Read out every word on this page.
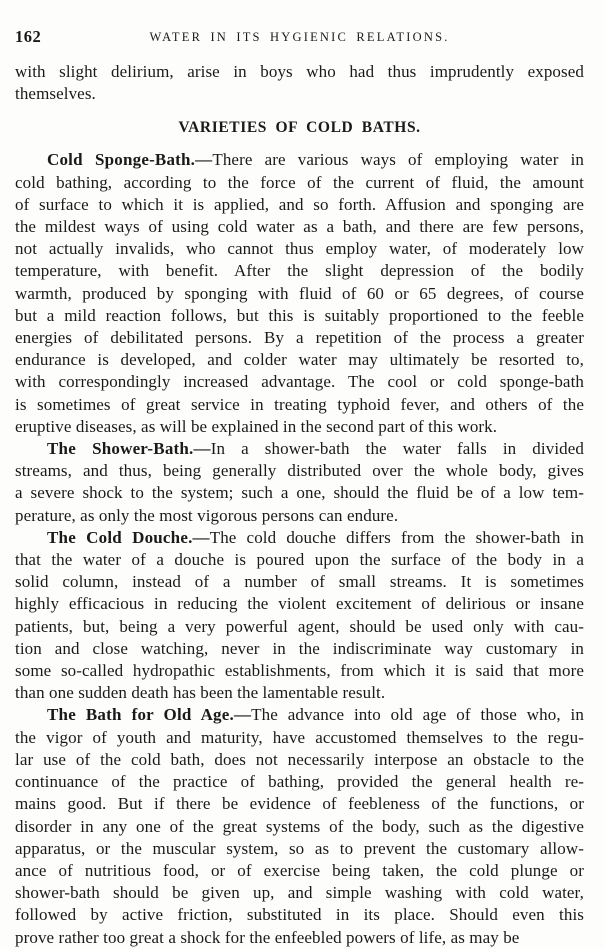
162	WATER IN ITS HYGIENIC RELATIONS.
with slight delirium, arise in boys who had thus imprudently exposed
themselves.
VARIETIES OF COLD BATHS.
Cold Sponge-Bath.—There are various ways of employing water in
cold bathing, according to the force of the current of fluid, the amount
of surface to which it is applied, and so forth. Affusion and sponging are
the mildest ways of using cold water as a bath, and there are few persons,
not actually invalids, who cannot thus employ water, of moderately low
temperature, with benefit. After the slight depression of the bodily
warmth, produced by sponging with fluid of 60 or 65 degrees, of course
but a mild reaction follows, but this is suitably proportioned to the feeble
energies of debilitated persons. By a repetition of the process a greater
endurance is developed, and colder water may ultimately be resorted to,
with correspondingly increased advantage. The cool or cold sponge-bath
is sometimes of great service in treating typhoid fever, and others of the
eruptive diseases, as will be explained in the second part of this work.
The Shower-Bath.—In a shower-bath the water falls in divided
streams, and thus, being generally distributed over the whole body, gives
a severe shock to the system; such a one, should the fluid be of a low tem-
perature, as only the most vigorous persons can endure.
The Cold Douche.—The cold douche differs from the shower-bath in
that the water of a douche is poured upon the surface of the body in a
solid column, instead of a number of small streams. It is sometimes
highly efficacious in reducing the violent excitement of delirious or insane
patients, but, being a very powerful agent, should be used only with cau-
tion and close watching, never in the indiscriminate way customary in
some so-called hydropathic establishments, from which it is said that more
than one sudden death has been the lamentable result.
The Bath for Old Age.—The advance into old age of those who, in
the vigor of youth and maturity, have accustomed themselves to the regu-
lar use of the cold bath, does not necessarily interpose an obstacle to the
continuance of the practice of bathing, provided the general health re-
mains good. But if there be evidence of feebleness of the functions, or
disorder in any one of the great systems of the body, such as the digestive
apparatus, or the muscular system, so as to prevent the customary allow-
ance of nutritious food, or of exercise being taken, the cold plunge or
shower-bath should be given up, and simple washing with cold water,
followed by active friction, substituted in its place. Should even this
prove rather too great a shock for the enfeebled powers of life, as may be
